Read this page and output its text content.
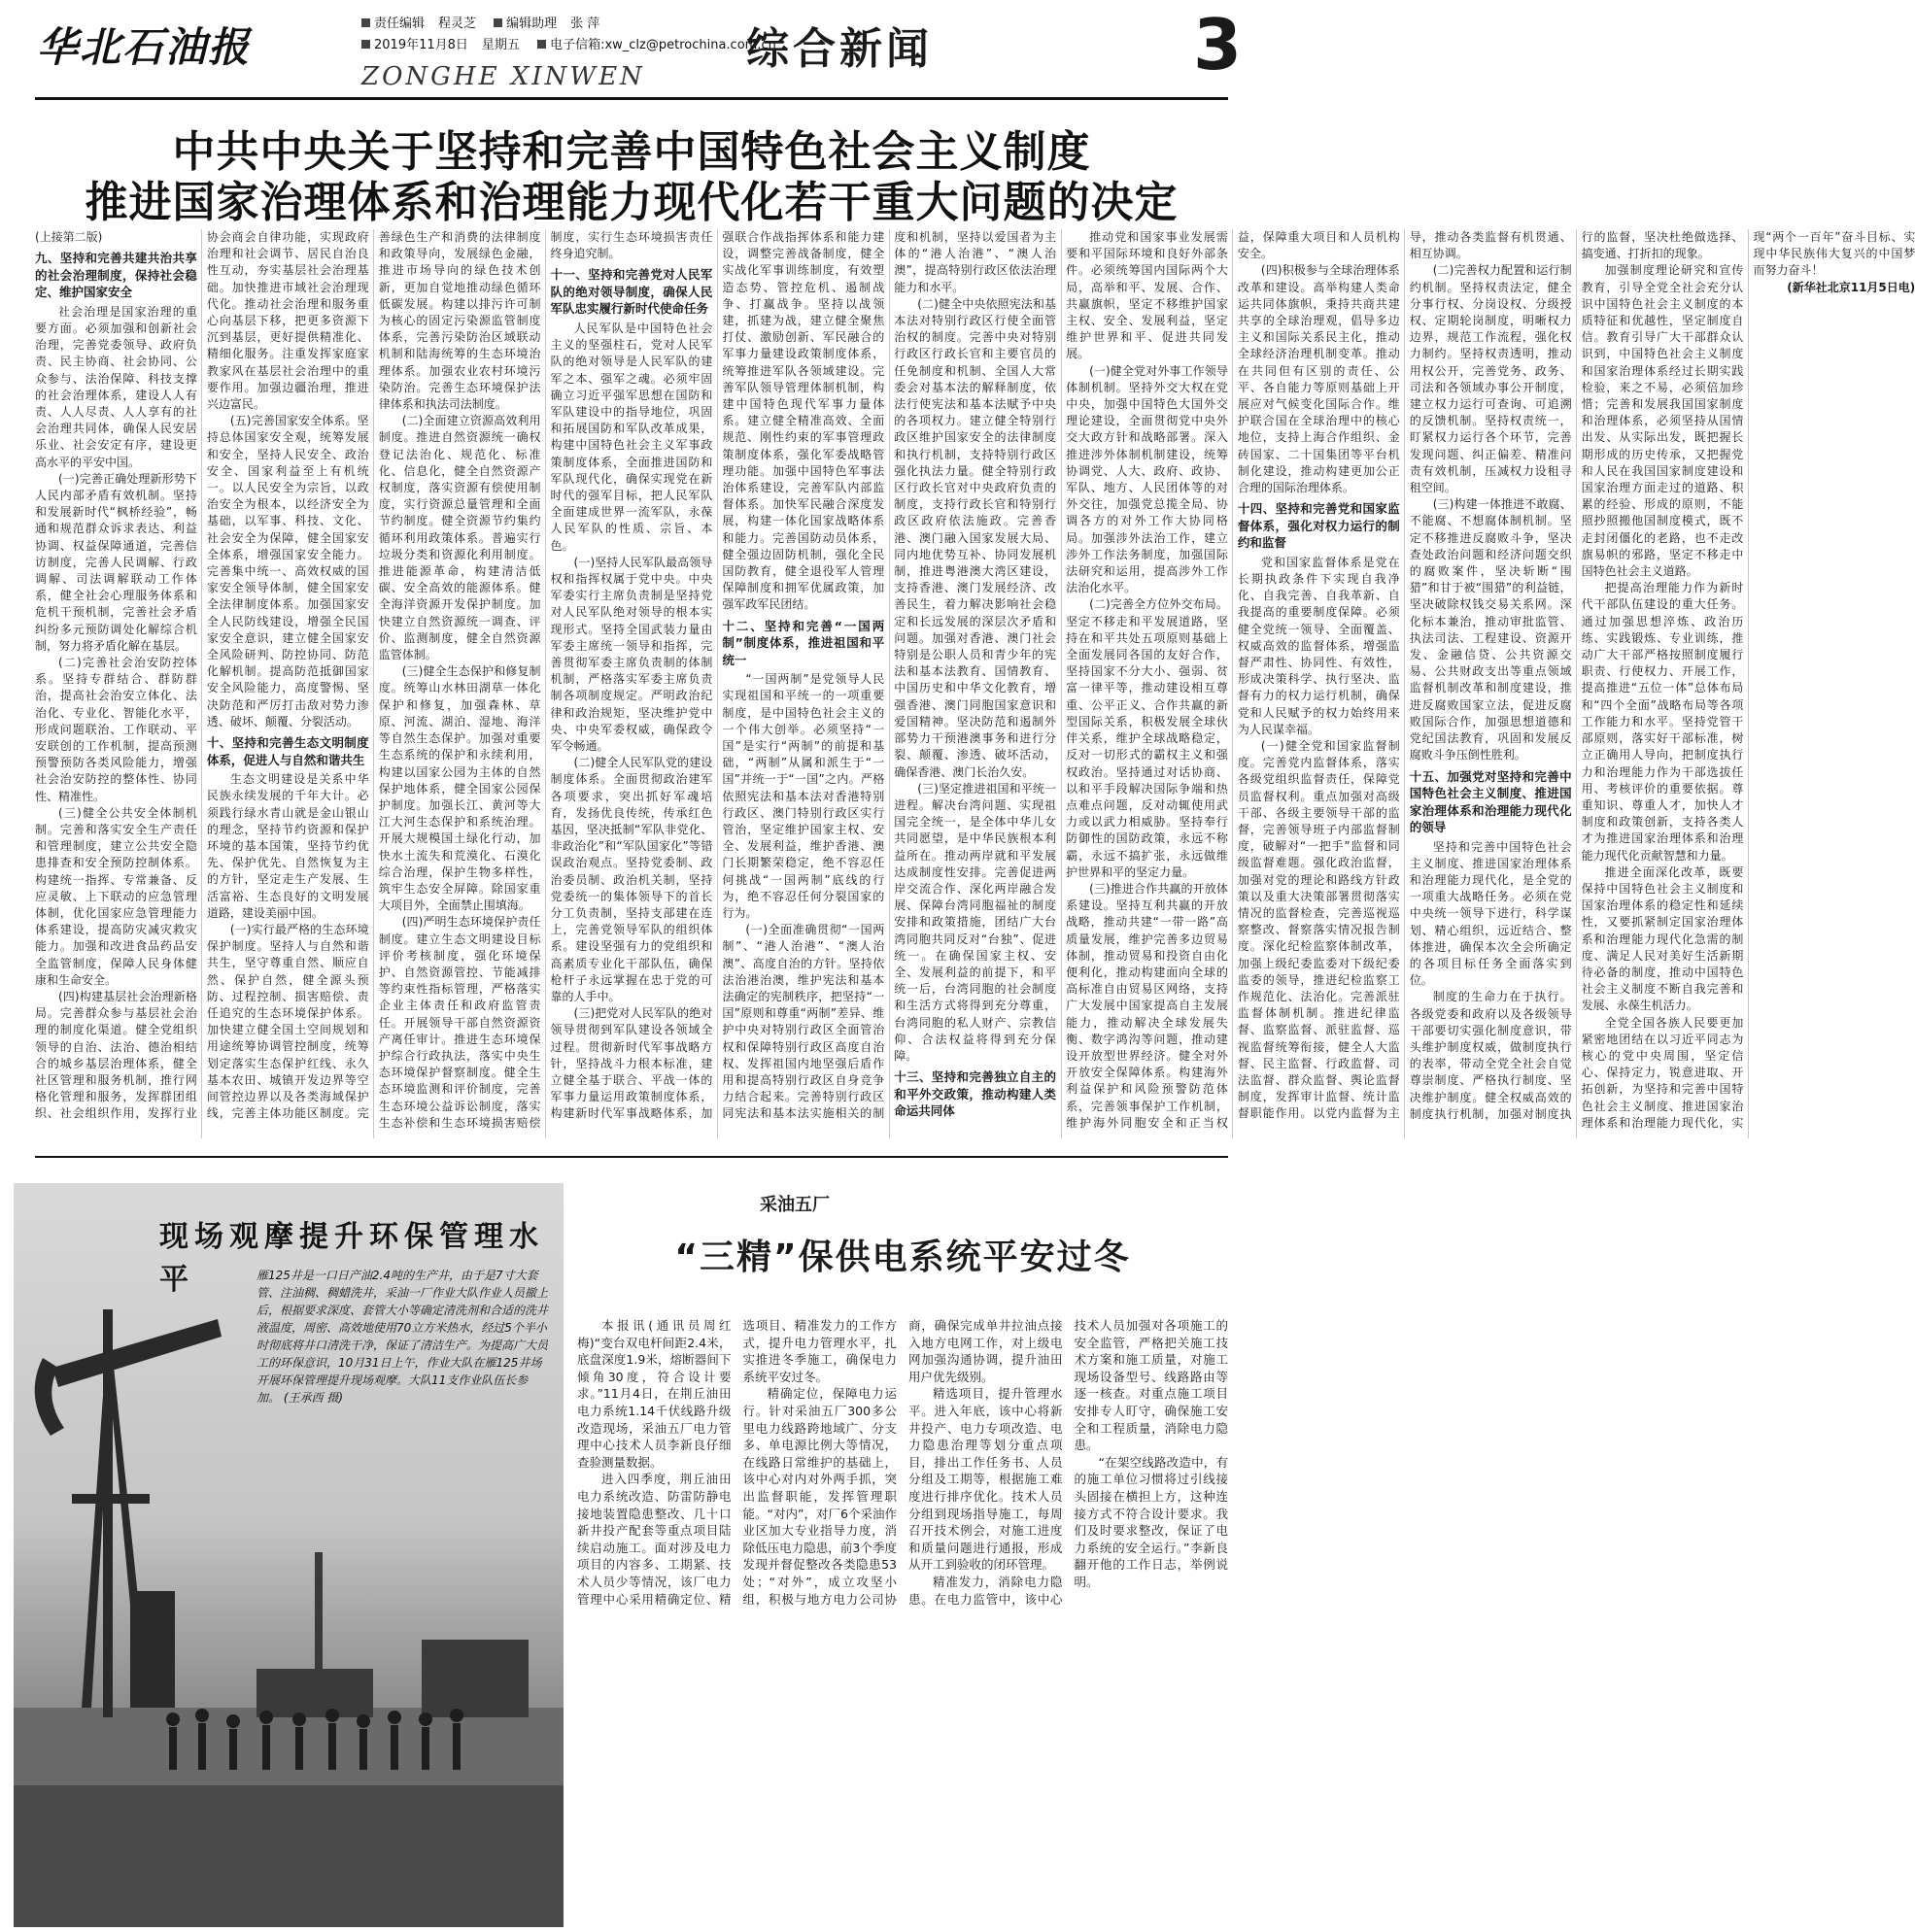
华北石油报	责任编辑 程灵芝 编辑助理 张 萍
2019年11月8日 星期五 电子信箱:xw_clz@petrochina.com.cn
ZONGHE XINWEN
综合新闻	3
中共中央关于坚持和完善中国特色社会主义制度
推进国家治理体系和治理能力现代化若干重大问题的决定

(上接第二版)

九、坚持和完善共建共治共享的社会治理制度，保持社会稳定、维护国家安全

社会治理是国家治理的重要方面。必须加强和创新社会治理，完善党委领导、政府负责、民主协商、社会协同、公众参与、法治保障、科技支撑的社会治理体系，建设人人有责、人人尽责、人人享有的社会治理共同体，确保人民安居乐业、社会安定有序，建设更高水平的平安中国。

(一)完善正确处理新形势下人民内部矛盾有效机制。坚持和发展新时代“枫桥经验”，畅通和规范群众诉求表达、利益协调、权益保障通道，完善信访制度，完善人民调解、行政调解、司法调解联动工作体系，健全社会心理服务体系和危机干预机制，完善社会矛盾纠纷多元预防调处化解综合机制，努力将矛盾化解在基层。

(二)完善社会治安防控体系。坚持专群结合、群防群治，提高社会治安立体化、法治化、专业化、智能化水平，形成问题联治、工作联动、平安联创的工作机制，提高预测预警预防各类风险能力，增强社会治安防控的整体性、协同性、精准性。

(三)健全公共安全体制机制。完善和落实安全生产责任和管理制度，建立公共安全隐患排查和安全预防控制体系。构建统一指挥、专常兼备、反应灵敏、上下联动的应急管理体制，优化国家应急管理能力体系建设，提高防灾减灾救灾能力。加强和改进食品药品安全监管制度，保障人民身体健康和生命安全。

(四)构建基层社会治理新格局。完善群众参与基层社会治理的制度化渠道。健全党组织领导的自治、法治、德治相结合的城乡基层治理体系，健全社区管理和服务机制，推行网格化管理和服务，发挥群团组织、社会组织作用，发挥行业协会商会自律功能，实现政府治理和社会调节、居民自治良性互动，夯实基层社会治理基础。加快推进市域社会治理现代化。推动社会治理和服务重心向基层下移，把更多资源下沉到基层，更好提供精准化、精细化服务。注重发挥家庭家教家风在基层社会治理中的重要作用。加强边疆治理，推进兴边富民。

(五)完善国家安全体系。坚持总体国家安全观，统筹发展和安全，坚持人民安全、政治安全、国家利益至上有机统一。以人民安全为宗旨，以政治安全为根本，以经济安全为基础，以军事、科技、文化、社会安全为保障，健全国家安全体系，增强国家安全能力。完善集中统一、高效权威的国家安全领导体制，健全国家安全法律制度体系。加强国家安全人民防线建设，增强全民国家安全意识，建立健全国家安全风险研判、防控协同、防范化解机制。提高防范抵御国家安全风险能力，高度警惕、坚决防范和严厉打击敌对势力渗透、破坏、颠覆、分裂活动。

十、坚持和完善生态文明制度体系，促进人与自然和谐共生

生态文明建设是关系中华民族永续发展的千年大计。必须践行绿水青山就是金山银山的理念，坚持节约资源和保护环境的基本国策，坚持节约优先、保护优先、自然恢复为主的方针，坚定走生产发展、生活富裕、生态良好的文明发展道路，建设美丽中国。

(一)实行最严格的生态环境保护制度。坚持人与自然和谐共生，坚守尊重自然、顺应自然、保护自然，健全源头预防、过程控制、损害赔偿、责任追究的生态环境保护体系。加快建立健全国土空间规划和用途统筹协调管控制度，统筹划定落实生态保护红线、永久基本农田、城镇开发边界等空间管控边界以及各类海域保护线，完善主体功能区制度。完善绿色生产和消费的法律制度和政策导向，发展绿色金融，推进市场导向的绿色技术创新，更加自觉地推动绿色循环低碳发展。构建以排污许可制为核心的固定污染源监管制度体系，完善污染防治区域联动机制和陆海统筹的生态环境治理体系。加强农业农村环境污染防治。完善生态环境保护法律体系和执法司法制度。

(二)全面建立资源高效利用制度。推进自然资源统一确权登记法治化、规范化、标准化、信息化，健全自然资源产权制度，落实资源有偿使用制度，实行资源总量管理和全面节约制度。健全资源节约集约循环利用政策体系。普遍实行垃圾分类和资源化利用制度。推进能源革命，构建清洁低碳、安全高效的能源体系。健全海洋资源开发保护制度。加快建立自然资源统一调查、评价、监测制度，健全自然资源监管体制。

(三)健全生态保护和修复制度。统筹山水林田湖草一体化保护和修复，加强森林、草原、河流、湖泊、湿地、海洋等自然生态保护。加强对重要生态系统的保护和永续利用，构建以国家公园为主体的自然保护地体系，健全国家公园保护制度。加强长江、黄河等大江大河生态保护和系统治理。开展大规模国土绿化行动，加快水土流失和荒漠化、石漠化综合治理，保护生物多样性，筑牢生态安全屏障。除国家重大项目外，全面禁止围填海。

(四)严明生态环境保护责任制度。建立生态文明建设目标评价考核制度，强化环境保护、自然资源管控、节能减排等约束性指标管理，严格落实企业主体责任和政府监管责任。开展领导干部自然资源资产离任审计。推进生态环境保护综合行政执法，落实中央生态环境保护督察制度。健全生态环境监测和评价制度，完善生态环境公益诉讼制度，落实生态补偿和生态环境损害赔偿制度，实行生态环境损害责任终身追究制。

十一、坚持和完善党对人民军队的绝对领导制度，确保人民军队忠实履行新时代使命任务

人民军队是中国特色社会主义的坚强柱石，党对人民军队的绝对领导是人民军队的建军之本、强军之魂。必须牢固确立习近平强军思想在国防和军队建设中的指导地位，巩固和拓展国防和军队改革成果，构建中国特色社会主义军事政策制度体系，全面推进国防和军队现代化，确保实现党在新时代的强军目标，把人民军队全面建成世界一流军队，永葆人民军队的性质、宗旨、本色。

(一)坚持人民军队最高领导权和指挥权属于党中央。中央军委实行主席负责制是坚持党对人民军队绝对领导的根本实现形式。坚持全国武装力量由军委主席统一领导和指挥，完善贯彻军委主席负责制的体制机制，严格落实军委主席负责制各项制度规定。严明政治纪律和政治规矩，坚决维护党中央、中央军委权威，确保政令军令畅通。

(二)健全人民军队党的建设制度体系。全面贯彻政治建军各项要求，突出抓好军魂培育，发扬优良传统，传承红色基因，坚决抵制“军队非党化、非政治化”和“军队国家化”等错误政治观点。坚持党委制、政治委员制、政治机关制，坚持党委统一的集体领导下的首长分工负责制，坚持支部建在连上，完善党领导军队的组织体系。建设坚强有力的党组织和高素质专业化干部队伍，确保枪杆子永远掌握在忠于党的可靠的人手中。

(三)把党对人民军队的绝对领导贯彻到军队建设各领域全过程。贯彻新时代军事战略方针，坚持战斗力根本标准，建立健全基于联合、平战一体的军事力量运用政策制度体系，构建新时代军事战略体系，加强联合作战指挥体系和能力建设，调整完善战备制度，健全实战化军事训练制度，有效塑造态势、管控危机、遏制战争、打赢战争。坚持以战领建，抓建为战，建立健全聚焦打仗、激励创新、军民融合的军事力量建设政策制度体系，统筹推进军队各领域建设。完善军队领导管理体制机制，构建中国特色现代军事力量体系。建立健全精准高效、全面规范、刚性约束的军事管理政策制度体系，强化军委战略管理功能。加强中国特色军事法治体系建设，完善军队内部监督体系。加快军民融合深度发展，构建一体化国家战略体系和能力。完善国防动员体系，健全强边固防机制，强化全民国防教育，健全退役军人管理保障制度和拥军优属政策，加强军政军民团结。

十二、坚持和完善“一国两制”制度体系，推进祖国和平统一

“一国两制”是党领导人民实现祖国和平统一的一项重要制度，是中国特色社会主义的一个伟大创举。必须坚持“一国”是实行“两制”的前提和基础，“两制”从属和派生于“一国”并统一于“一国”之内。严格依照宪法和基本法对香港特别行政区、澳门特别行政区实行管治，坚定维护国家主权、安全、发展利益，维护香港、澳门长期繁荣稳定，绝不容忍任何挑战“一国两制”底线的行为，绝不容忍任何分裂国家的行为。

(一)全面准确贯彻“一国两制”、“港人治港”、“澳人治澳”、高度自治的方针。坚持依法治港治澳，维护宪法和基本法确定的宪制秩序，把坚持“一国”原则和尊重“两制”差异、维护中央对特别行政区全面管治权和保障特别行政区高度自治权、发挥祖国内地坚强后盾作用和提高特别行政区自身竞争力结合起来。完善特别行政区同宪法和基本法实施相关的制度和机制，坚持以爱国者为主体的“港人治港”、“澳人治澳”，提高特别行政区依法治理能力和水平。

(二)健全中央依照宪法和基本法对特别行政区行使全面管治权的制度。完善中央对特别行政区行政长官和主要官员的任免制度和机制、全国人大常委会对基本法的解释制度，依法行使宪法和基本法赋予中央的各项权力。建立健全特别行政区维护国家安全的法律制度和执行机制，支持特别行政区强化执法力量。健全特别行政区行政长官对中央政府负责的制度，支持行政长官和特别行政区政府依法施政。完善香港、澳门融入国家发展大局、同内地优势互补、协同发展机制，推进粤港澳大湾区建设，支持香港、澳门发展经济、改善民生，着力解决影响社会稳定和长远发展的深层次矛盾和问题。加强对香港、澳门社会特别是公职人员和青少年的宪法和基本法教育、国情教育、中国历史和中华文化教育，增强香港、澳门同胞国家意识和爱国精神。坚决防范和遏制外部势力干预港澳事务和进行分裂、颠覆、渗透、破坏活动，确保香港、澳门长治久安。

(三)坚定推进祖国和平统一进程。解决台湾问题、实现祖国完全统一，是全体中华儿女共同愿望，是中华民族根本利益所在。推动两岸就和平发展达成制度性安排。完善促进两岸交流合作、深化两岸融合发展、保障台湾同胞福祉的制度安排和政策措施，团结广大台湾同胞共同反对“台独”、促进统一。在确保国家主权、安全、发展利益的前提下，和平统一后，台湾同胞的社会制度和生活方式将得到充分尊重，台湾同胞的私人财产、宗教信仰、合法权益将得到充分保障。

十三、坚持和完善独立自主的和平外交政策，推动构建人类命运共同体

推动党和国家事业发展需要和平国际环境和良好外部条件。必须统筹国内国际两个大局，高举和平、发展、合作、共赢旗帜，坚定不移维护国家主权、安全、发展利益，坚定维护世界和平、促进共同发展。

(一)健全党对外事工作领导体制机制。坚持外交大权在党中央，加强中国特色大国外交理论建设，全面贯彻党中央外交大政方针和战略部署。深入推进涉外体制机制建设，统筹协调党、人大、政府、政协、军队、地方、人民团体等的对外交往，加强党总揽全局、协调各方的对外工作大协同格局。加强涉外法治工作，建立涉外工作法务制度，加强国际法研究和运用，提高涉外工作法治化水平。

(二)完善全方位外交布局。坚定不移走和平发展道路，坚持在和平共处五项原则基础上全面发展同各国的友好合作，坚持国家不分大小、强弱、贫富一律平等，推动建设相互尊重、公平正义、合作共赢的新型国际关系，积极发展全球伙伴关系，维护全球战略稳定，反对一切形式的霸权主义和强权政治。坚持通过对话协商、以和平手段解决国际争端和热点难点问题，反对动辄使用武力或以武力相威胁。坚持奉行防御性的国防政策，永远不称霸，永远不搞扩张，永远做维护世界和平的坚定力量。

(三)推进合作共赢的开放体系建设。坚持互利共赢的开放战略，推动共建“一带一路”高质量发展，维护完善多边贸易体制，推动贸易和投资自由化便利化，推动构建面向全球的高标准自由贸易区网络，支持广大发展中国家提高自主发展能力，推动解决全球发展失衡、数字鸿沟等问题，推动建设开放型世界经济。健全对外开放安全保障体系。构建海外利益保护和风险预警防范体系，完善领事保护工作机制，维护海外同胞安全和正当权益，保障重大项目和人员机构安全。

(四)积极参与全球治理体系改革和建设。高举构建人类命运共同体旗帜，秉持共商共建共享的全球治理观，倡导多边主义和国际关系民主化，推动全球经济治理机制变革。推动在共同但有区别的责任、公平、各自能力等原则基础上开展应对气候变化国际合作。维护联合国在全球治理中的核心地位，支持上海合作组织、金砖国家、二十国集团等平台机制化建设，推动构建更加公正合理的国际治理体系。

十四、坚持和完善党和国家监督体系，强化对权力运行的制约和监督

党和国家监督体系是党在长期执政条件下实现自我净化、自我完善、自我革新、自我提高的重要制度保障。必须健全党统一领导、全面覆盖、权威高效的监督体系，增强监督严肃性、协同性、有效性，形成决策科学、执行坚决、监督有力的权力运行机制，确保党和人民赋予的权力始终用来为人民谋幸福。

(一)健全党和国家监督制度。完善党内监督体系，落实各级党组织监督责任，保障党员监督权利。重点加强对高级干部、各级主要领导干部的监督，完善领导班子内部监督制度，破解对“一把手”监督和同级监督难题。强化政治监督，加强对党的理论和路线方针政策以及重大决策部署贯彻落实情况的监督检查，完善巡视巡察整改、督察落实情况报告制度。深化纪检监察体制改革，加强上级纪委监委对下级纪委监委的领导，推进纪检监察工作规范化、法治化。完善派驻监督体制机制。推进纪律监督、监察监督、派驻监督、巡视监督统筹衔接，健全人大监督、民主监督、行政监督、司法监督、群众监督、舆论监督制度，发挥审计监督、统计监督职能作用。以党内监督为主导，推动各类监督有机贯通、相互协调。

(二)完善权力配置和运行制约机制。坚持权责法定，健全分事行权、分岗设权、分级授权、定期轮岗制度，明晰权力边界，规范工作流程，强化权力制约。坚持权责透明，推动用权公开，完善党务、政务、司法和各领域办事公开制度，建立权力运行可查询、可追溯的反馈机制。坚持权责统一，盯紧权力运行各个环节，完善发现问题、纠正偏差、精准问责有效机制，压减权力设租寻租空间。

(三)构建一体推进不敢腐、不能腐、不想腐体制机制。坚定不移推进反腐败斗争，坚决查处政治问题和经济问题交织的腐败案件，坚决斩断“围猎”和甘于被“围猎”的利益链，坚决破除权钱交易关系网。深化标本兼治，推动审批监管、执法司法、工程建设、资源开发、金融信贷、公共资源交易、公共财政支出等重点领域监督机制改革和制度建设，推进反腐败国家立法，促进反腐败国际合作，加强思想道德和党纪国法教育，巩固和发展反腐败斗争压倒性胜利。

十五、加强党对坚持和完善中国特色社会主义制度、推进国家治理体系和治理能力现代化的领导

坚持和完善中国特色社会主义制度、推进国家治理体系和治理能力现代化，是全党的一项重大战略任务。必须在党中央统一领导下进行，科学谋划、精心组织，远近结合、整体推进，确保本次全会所确定的各项目标任务全面落实到位。

制度的生命力在于执行。各级党委和政府以及各级领导干部要切实强化制度意识，带头维护制度权威，做制度执行的表率，带动全党全社会自觉尊崇制度、严格执行制度、坚决维护制度。健全权威高效的制度执行机制，加强对制度执行的监督，坚决杜绝做选择、搞变通、打折扣的现象。

加强制度理论研究和宣传教育，引导全党全社会充分认识中国特色社会主义制度的本质特征和优越性，坚定制度自信。教育引导广大干部群众认识到，中国特色社会主义制度和国家治理体系经过长期实践检验，来之不易，必须倍加珍惜；完善和发展我国国家制度和治理体系，必须坚持从国情出发、从实际出发，既把握长期形成的历史传承，又把握党和人民在我国国家制度建设和国家治理方面走过的道路、积累的经验、形成的原则，不能照抄照搬他国制度模式，既不走封闭僵化的老路，也不走改旗易帜的邪路，坚定不移走中国特色社会主义道路。

把提高治理能力作为新时代干部队伍建设的重大任务。通过加强思想淬炼、政治历练、实践锻炼、专业训练，推动广大干部严格按照制度履行职责、行使权力、开展工作，提高推进“五位一体”总体布局和“四个全面”战略布局等各项工作能力和水平。坚持党管干部原则，落实好干部标准，树立正确用人导向，把制度执行力和治理能力作为干部选拔任用、考核评价的重要依据。尊重知识、尊重人才，加快人才制度和政策创新，支持各类人才为推进国家治理体系和治理能力现代化贡献智慧和力量。

推进全面深化改革，既要保持中国特色社会主义制度和国家治理体系的稳定性和延续性，又要抓紧制定国家治理体系和治理能力现代化急需的制度、满足人民对美好生活新期待必备的制度，推动中国特色社会主义制度不断自我完善和发展、永葆生机活力。

全党全国各族人民要更加紧密地团结在以习近平同志为核心的党中央周围，坚定信心、保持定力，锐意进取、开拓创新，为坚持和完善中国特色社会主义制度、推进国家治理体系和治理能力现代化，实现“两个一百年”奋斗目标、实现中华民族伟大复兴的中国梦而努力奋斗！

(新华社北京11月5日电)

现场观摩提升环保管理水平	雁125井是一口日产油2.4吨的生产井，由于是7寸大套管、注油稠、稠蜡洗井，采油一厂作业大队作业人员撤上后，根据要求深度、套管大小等确定清洗剂和合适的洗井液温度，周密、高效地使用70立方米热水，经过5个半小时彻底将井口清洗干净，保证了清洁生产。为提高广大员工的环保意识，10月31日上午，作业大队在雁125井场开展环保管理提升现场观摩。大队11支作业队伍长参加。 (王承西 摄)
采油五厂
“三精”保供电系统平安过冬

本报讯(通讯员周红梅)“变台双电杆间距2.4米，底盘深度1.9米，熔断器间下倾角30度，符合设计要求。”11月4日，在荆丘油田电力系统1.14千伏线路升级改造现场，采油五厂电力管理中心技术人员李新良仔细查验测量数据。

进入四季度，荆丘油田电力系统改造、防雷防静电接地装置隐患整改、几十口新井投产配套等重点项目陆续启动施工。面对涉及电力项目的内容多、工期紧、技术人员少等情况，该厂电力管理中心采用精确定位、精选项目、精准发力的工作方式，提升电力管理水平，扎实推进冬季施工，确保电力系统平安过冬。

精确定位，保障电力运行。针对采油五厂300多公里电力线路跨地域广、分支多、单电源比例大等情况，在线路日常维护的基础上，该中心对内对外两手抓，突出监督职能，发挥管理职能。“对内”，对厂6个采油作业区加大专业指导力度，消除低压电力隐患，前3个季度发现并督促整改各类隐患53处；“对外”，成立攻坚小组，积极与地方电力公司协商，确保完成单井拉油点接入地方电网工作，对上级电网加强沟通协调，提升油田用户优先级别。

精选项目，提升管理水平。进入年底，该中心将新井投产、电力专项改造、电力隐患治理等划分重点项目，排出工作任务书、人员分组及工期等，根据施工难度进行排序优化。技术人员分组到现场指导施工，每周召开技术例会，对施工进度和质量问题进行通报，形成从开工到验收的闭环管理。

精准发力，消除电力隐患。在电力监管中，该中心技术人员加强对各项施工的安全监管，严格把关施工技术方案和施工质量，对施工现场设备型号、线路路由等逐一核查。对重点施工项目安排专人盯守，确保施工安全和工程质量，消除电力隐患。

“在架空线路改造中，有的施工单位习惯将过引线接头固接在横担上方，这种连接方式不符合设计要求。我们及时要求整改，保证了电力系统的安全运行。”李新良翻开他的工作日志，举例说明。
